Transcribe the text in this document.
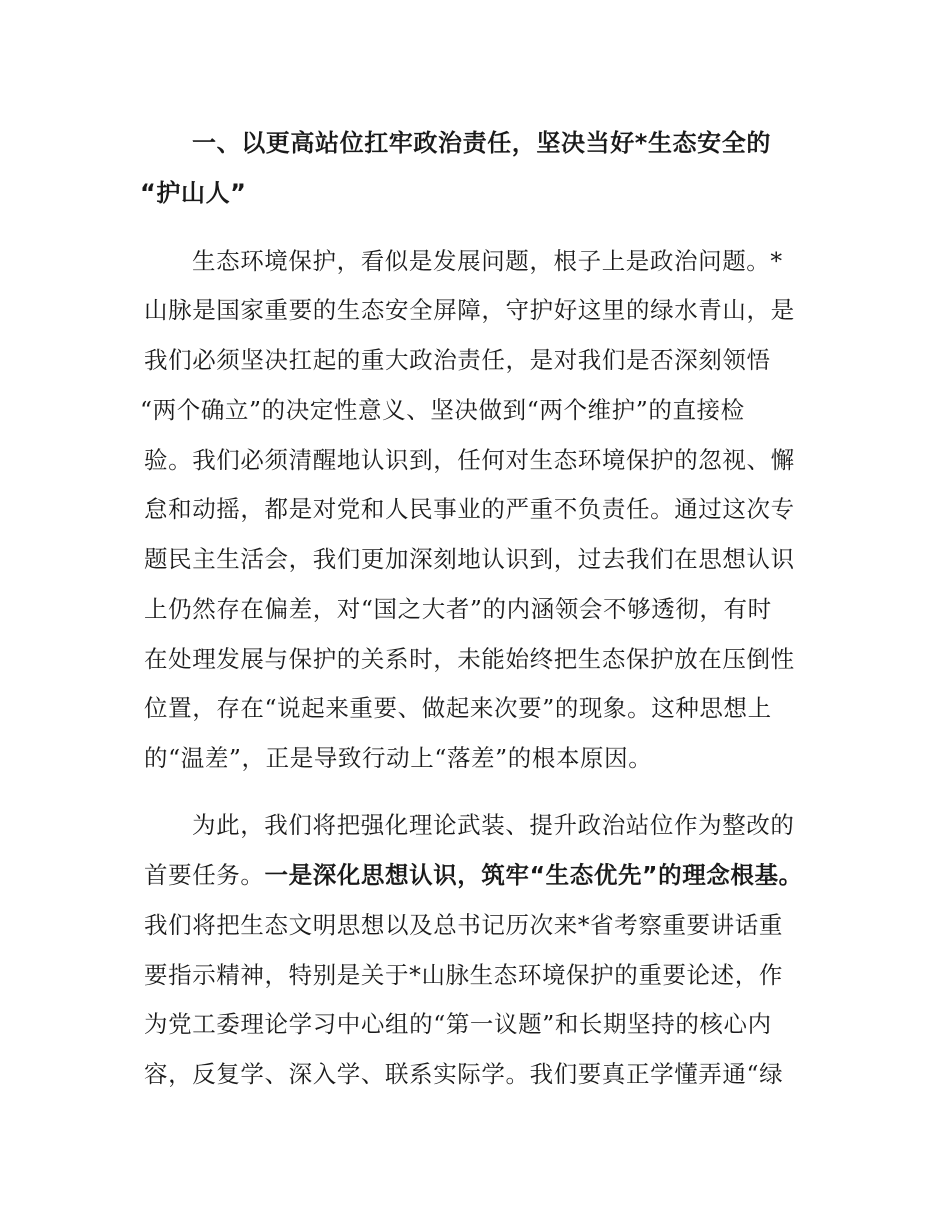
一、以更高站位扛牢政治责任，坚决当好*生态安全的
“护山人”
生态环境保护，看似是发展问题，根子上是政治问题。*
山脉是国家重要的生态安全屏障，守护好这里的绿水青山，是
我们必须坚决扛起的重大政治责任，是对我们是否深刻领悟
“两个确立”的决定性意义、坚决做到“两个维护”的直接检
验。我们必须清醒地认识到，任何对生态环境保护的忽视、懈
怠和动摇，都是对党和人民事业的严重不负责任。通过这次专
题民主生活会，我们更加深刻地认识到，过去我们在思想认识
上仍然存在偏差，对“国之大者”的内涵领会不够透彻，有时
在处理发展与保护的关系时，未能始终把生态保护放在压倒性
位置，存在“说起来重要、做起来次要”的现象。这种思想上
的“温差”，正是导致行动上“落差”的根本原因。
为此，我们将把强化理论武装、提升政治站位作为整改的
首要任务。一是深化思想认识，筑牢“生态优先”的理念根基。
我们将把生态文明思想以及总书记历次来*省考察重要讲话重
要指示精神，特别是关于*山脉生态环境保护的重要论述，作
为党工委理论学习中心组的“第一议题”和长期坚持的核心内
容，反复学、深入学、联系实际学。我们要真正学懂弄通“绿
